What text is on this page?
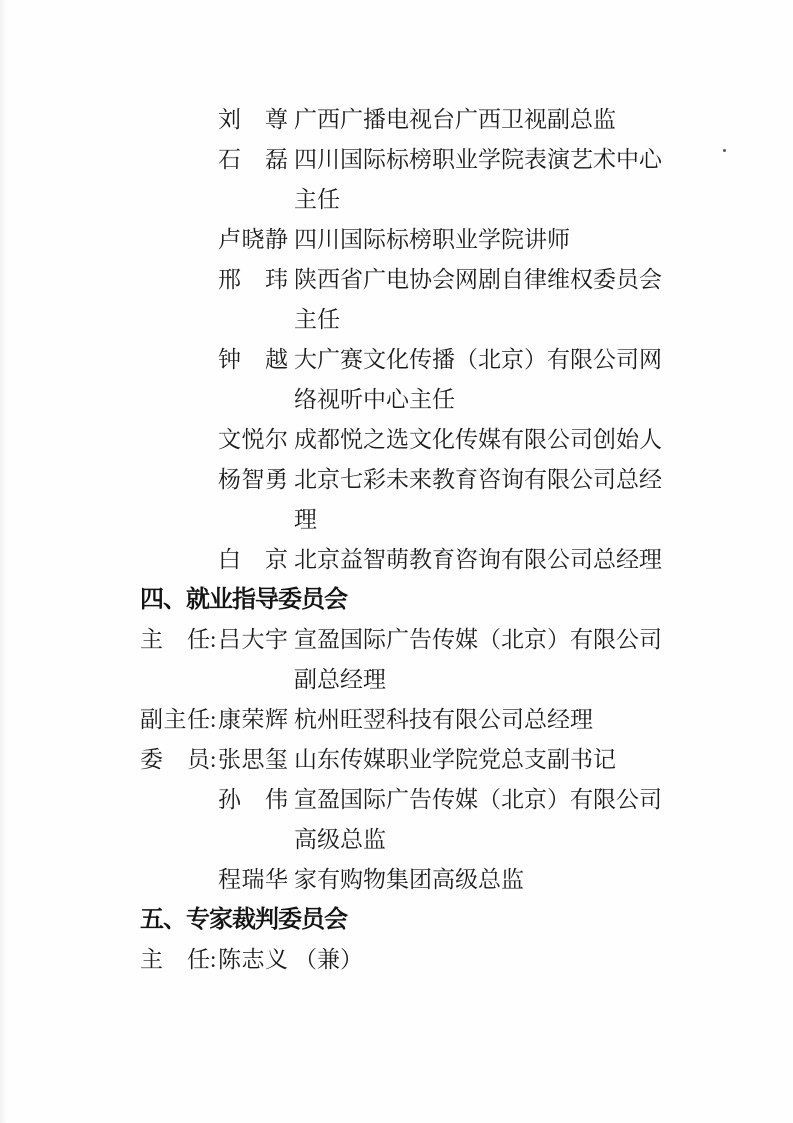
刘 尊 广西广播电视台广西卫视副总监
石 磊 四川国际标榜职业学院表演艺术中心
主任
卢 晓 静 四川国际标榜职业学院讲师
邢 玮 陕西省广电协会网剧自律维权委员会
主任
钟 越 大广赛文化传播（北京）有限公司网
络视听中心主任
文 悦 尔 成都悦之选文化传媒有限公司创始人
杨 智 勇 北京七彩未来教育咨询有限公司总经
理
白 京 北京益智萌教育咨询有限公司总经理
四、就业指导委员会
主 任 : 吕 大 宇 宣盈国际广告传媒（北京）有限公司
副总经理
副 主 任 : 康 荣 辉 杭州旺翌科技有限公司总经理
委 员 : 张 思 玺 山东传媒职业学院党总支副书记
孙 伟 宣盈国际广告传媒（北京）有限公司
高级总监
程 瑞 华 家有购物集团高级总监
五、专家裁判委员会
主 任 : 陈 志 义 （兼）
